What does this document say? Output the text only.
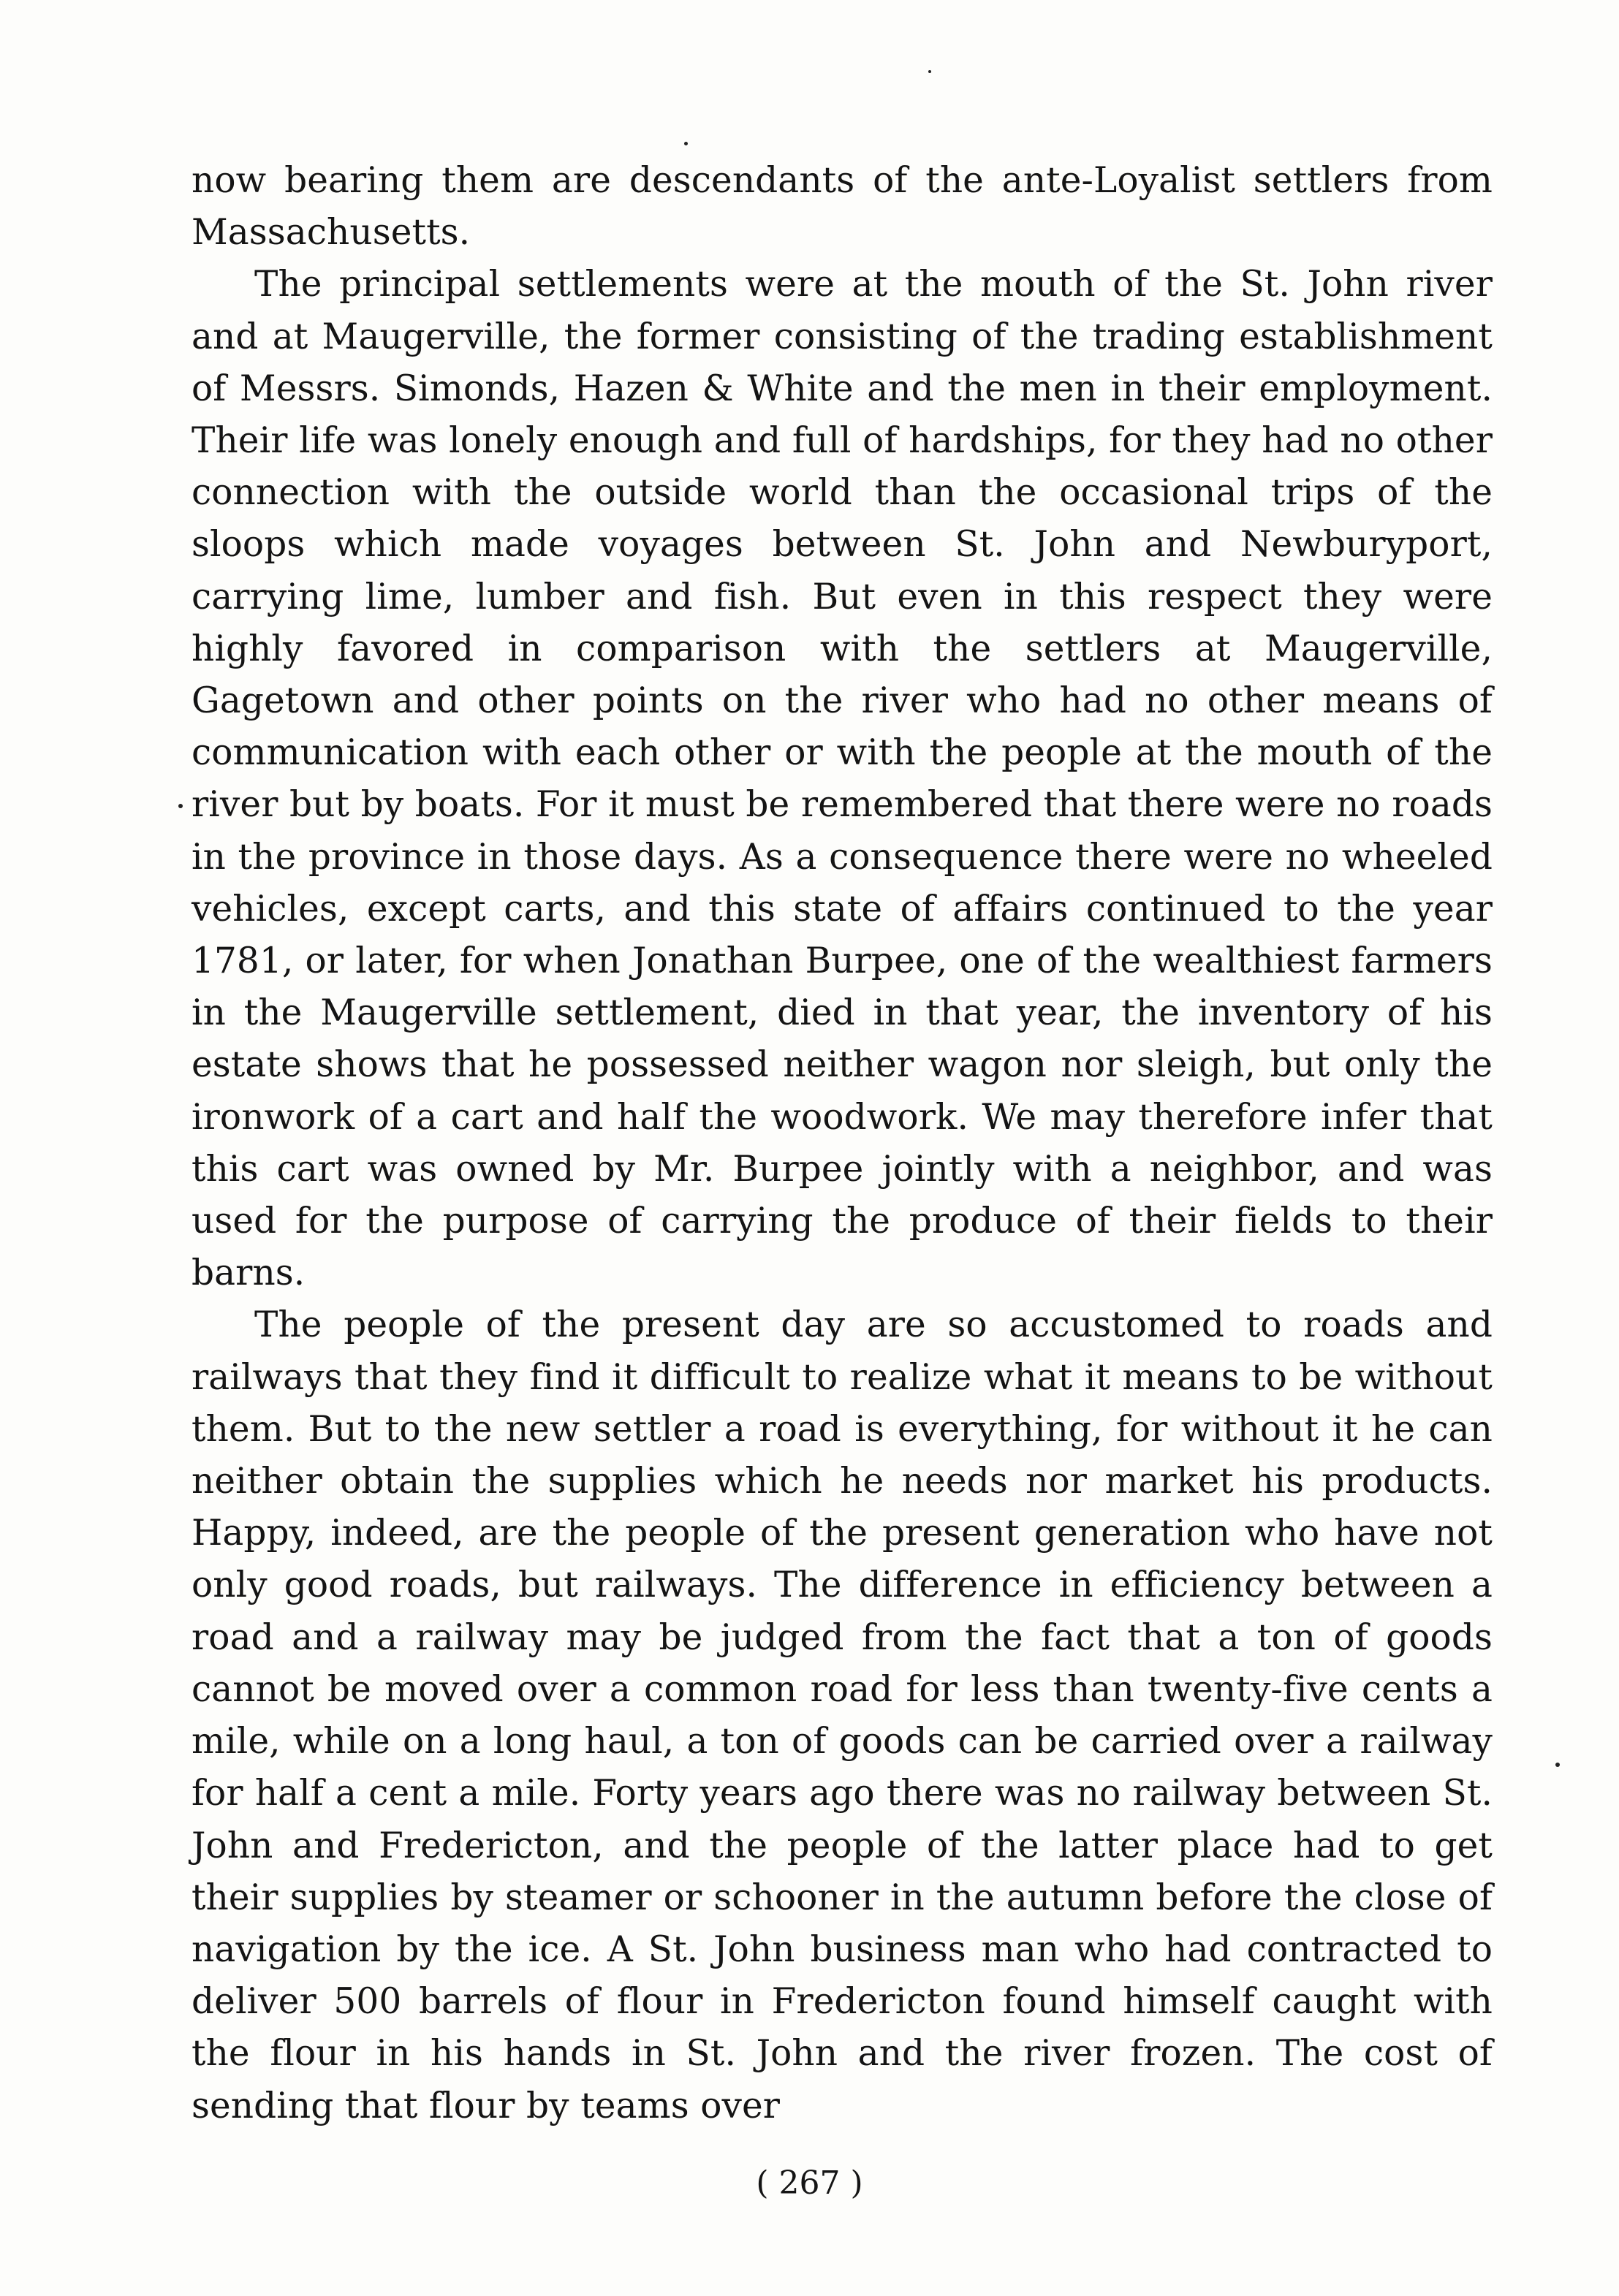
now bearing them are descendants of the ante-Loyalist settlers from Massachusetts.

The principal settlements were at the mouth of the St. John river and at Maugerville, the former consisting of the trading establishment of Messrs. Simonds, Hazen & White and the men in their employment. Their life was lonely enough and full of hardships, for they had no other connection with the outside world than the occasional trips of the sloops which made voyages between St. John and Newburyport, carrying lime, lumber and fish. But even in this respect they were highly favored in comparison with the settlers at Maugerville, Gagetown and other points on the river who had no other means of communication with each other or with the people at the mouth of the river but by boats. For it must be remembered that there were no roads in the province in those days. As a consequence there were no wheeled vehicles, except carts, and this state of affairs continued to the year 1781, or later, for when Jonathan Burpee, one of the wealthiest farmers in the Maugerville settlement, died in that year, the inventory of his estate shows that he possessed neither wagon nor sleigh, but only the ironwork of a cart and half the woodwork. We may therefore infer that this cart was owned by Mr. Burpee jointly with a neighbor, and was used for the purpose of carrying the produce of their fields to their barns.

The people of the present day are so accustomed to roads and railways that they find it difficult to realize what it means to be without them. But to the new settler a road is everything, for without it he can neither obtain the supplies which he needs nor market his products. Happy, indeed, are the people of the present generation who have not only good roads, but railways. The difference in efficiency between a road and a railway may be judged from the fact that a ton of goods cannot be moved over a common road for less than twenty-five cents a mile, while on a long haul, a ton of goods can be carried over a railway for half a cent a mile. Forty years ago there was no railway between St. John and Fredericton, and the people of the latter place had to get their supplies by steamer or schooner in the autumn before the close of navigation by the ice. A St. John business man who had contracted to deliver 500 barrels of flour in Fredericton found himself caught with the flour in his hands in St. John and the river frozen. The cost of sending that flour by teams over

( 267 )
